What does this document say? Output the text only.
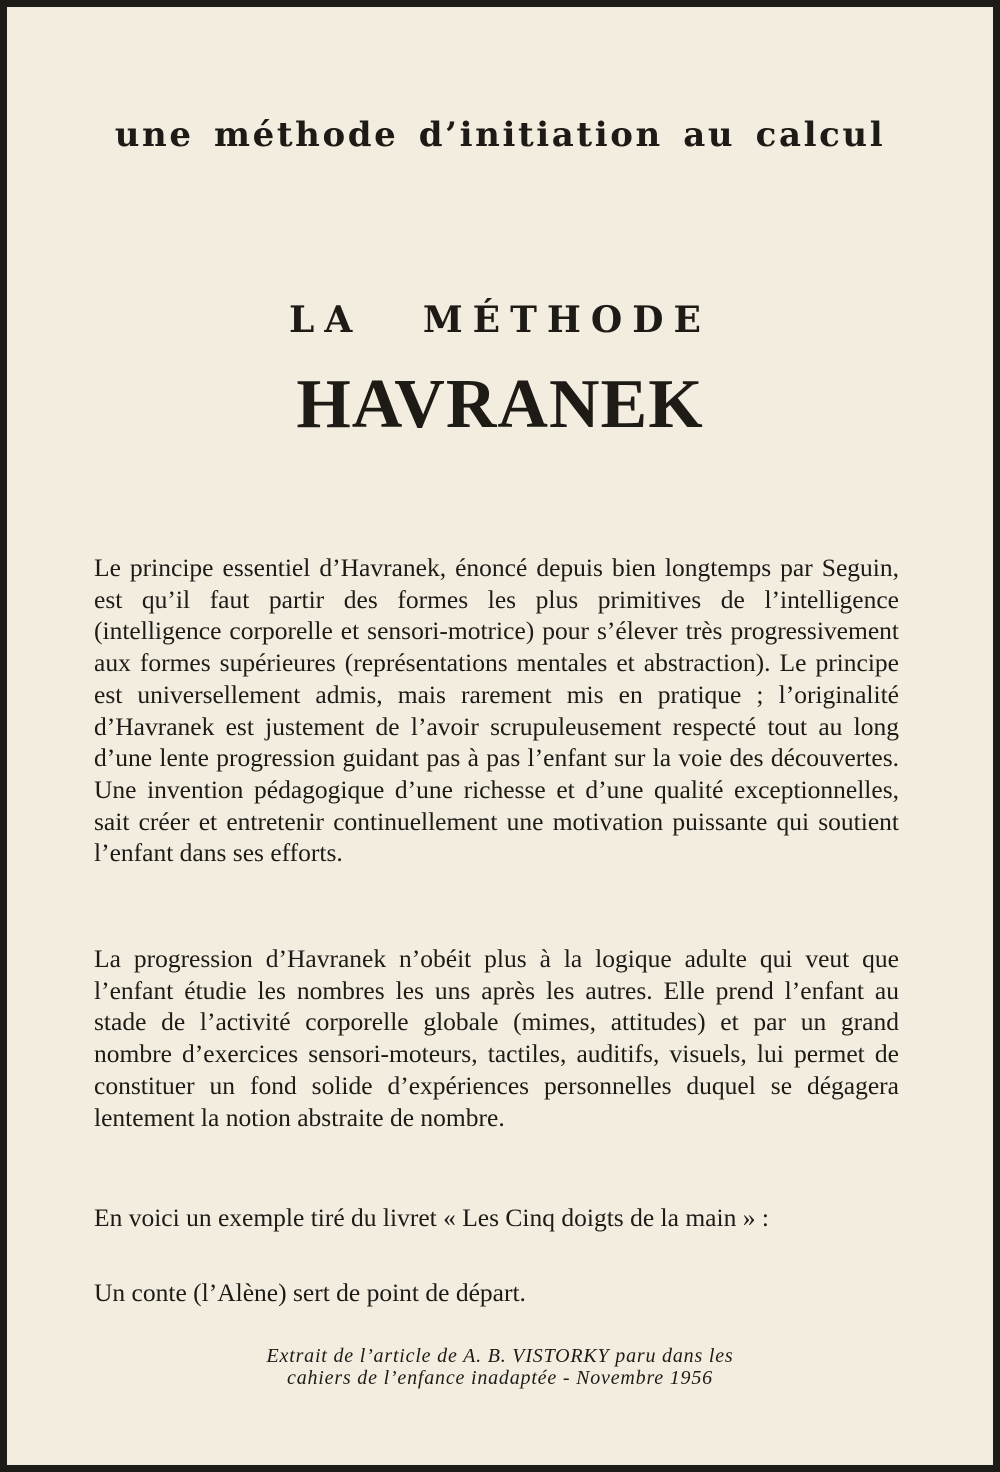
une méthode d’initiation au calcul
LA MÉTHODE
HAVRANEK

Le principe essentiel d’Havranek, énoncé depuis bien longtemps par Seguin, est qu’il faut partir des formes les plus primitives de l’intelligence (intelligence corporelle et sensori-motrice) pour s’élever très progressivement aux formes supérieures (représentations mentales et abstraction). Le principe est universellement admis, mais rarement mis en pratique ; l’originalité d’Havranek est justement de l’avoir scrupuleusement respecté tout au long d’une lente progression guidant pas à pas l’enfant sur la voie des découvertes. Une invention pédagogique d’une richesse et d’une qualité exceptionnelles, sait créer et entretenir continuellement une motivation puissante qui soutient l’enfant dans ses efforts.

La progression d’Havranek n’obéit plus à la logique adulte qui veut que l’enfant étudie les nombres les uns après les autres. Elle prend l’enfant au stade de l’activité corporelle globale (mimes, attitudes) et par un grand nombre d’exercices sensori-moteurs, tactiles, auditifs, visuels, lui permet de constituer un fond solide d’expériences personnelles duquel se dégagera lentement la notion abstraite de nombre.

En voici un exemple tiré du livret « Les Cinq doigts de la main » :

Un conte (l’Alène) sert de point de départ.

Extrait de l’article de A. B. VISTORKY paru dans les
cahiers de l’enfance inadaptée - Novembre 1956
